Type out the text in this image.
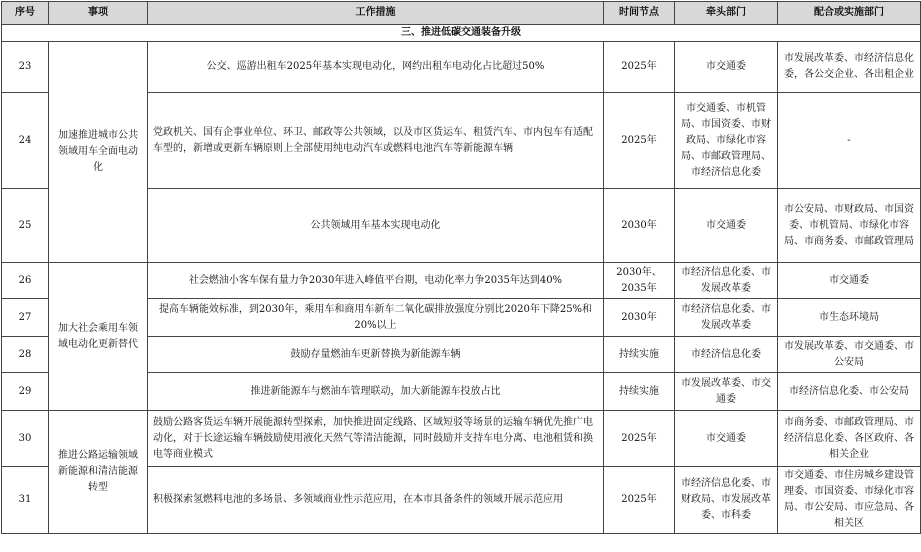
序号	事项	工作措施	时间节点	牵头部门	配合或实施部门
三、推进低碳交通装备升级					
23	加速推进城市公共领域用车全面电动化	公交、巡游出租车2025年基本实现电动化，网约出租车电动化占比超过50%	2025年	市交通委	市发展改革委、市经济信息化委，各公交企业、各出租企业
24		党政机关、国有企事业单位、环卫、邮政等公共领域，以及市区货运车、租赁汽车、市内包车有适配车型的，新增或更新车辆原则上全部使用纯电动汽车或燃料电池汽车等新能源车辆	2025年	市交通委、市机管局、市国资委、市财政局、市绿化市容局、市邮政管理局、市经济信息化委	-
25		公共领域用车基本实现电动化	2030年	市交通委	市公安局、市财政局、市国资委、市机管局、市绿化市容局、市商务委、市邮政管理局
26	加大社会乘用车领域电动化更新替代	社会燃油小客车保有量力争2030年进入峰值平台期，电动化率力争2035年达到40%	2030年、2035年	市经济信息化委、市发展改革委	市交通委
27		提高车辆能效标准，到2030年，乘用车和商用车新车二氧化碳排放强度分别比2020年下降25%和20%以上	2030年	市经济信息化委、市发展改革委	市生态环境局
28		鼓励存量燃油车更新替换为新能源车辆	持续实施	市经济信息化委	市发展改革委、市交通委、市公安局
29		推进新能源车与燃油车管理联动，加大新能源车投放占比	持续实施	市发展改革委、市交通委	市经济信息化委、市公安局
30	推进公路运输领域新能源和清洁能源转型	鼓励公路客货运车辆开展能源转型探索，加快推进固定线路、区域短驳等场景的运输车辆优先推广电动化，对于长途运输车辆鼓励使用液化天然气等清洁能源，同时鼓励并支持车电分离、电池租赁和换电等商业模式	2025年	市交通委	市商务委、市邮政管理局、市经济信息化委、各区政府、各相关企业
31		积极探索氢燃料电池的多场景、多领域商业性示范应用，在本市具备条件的领域开展示范应用	2025年	市经济信息化委、市财政局、市发展改革委、市科委	市交通委、市住房城乡建设管理委、市国资委、市绿化市容局、市公安局、市应急局、各相关区
